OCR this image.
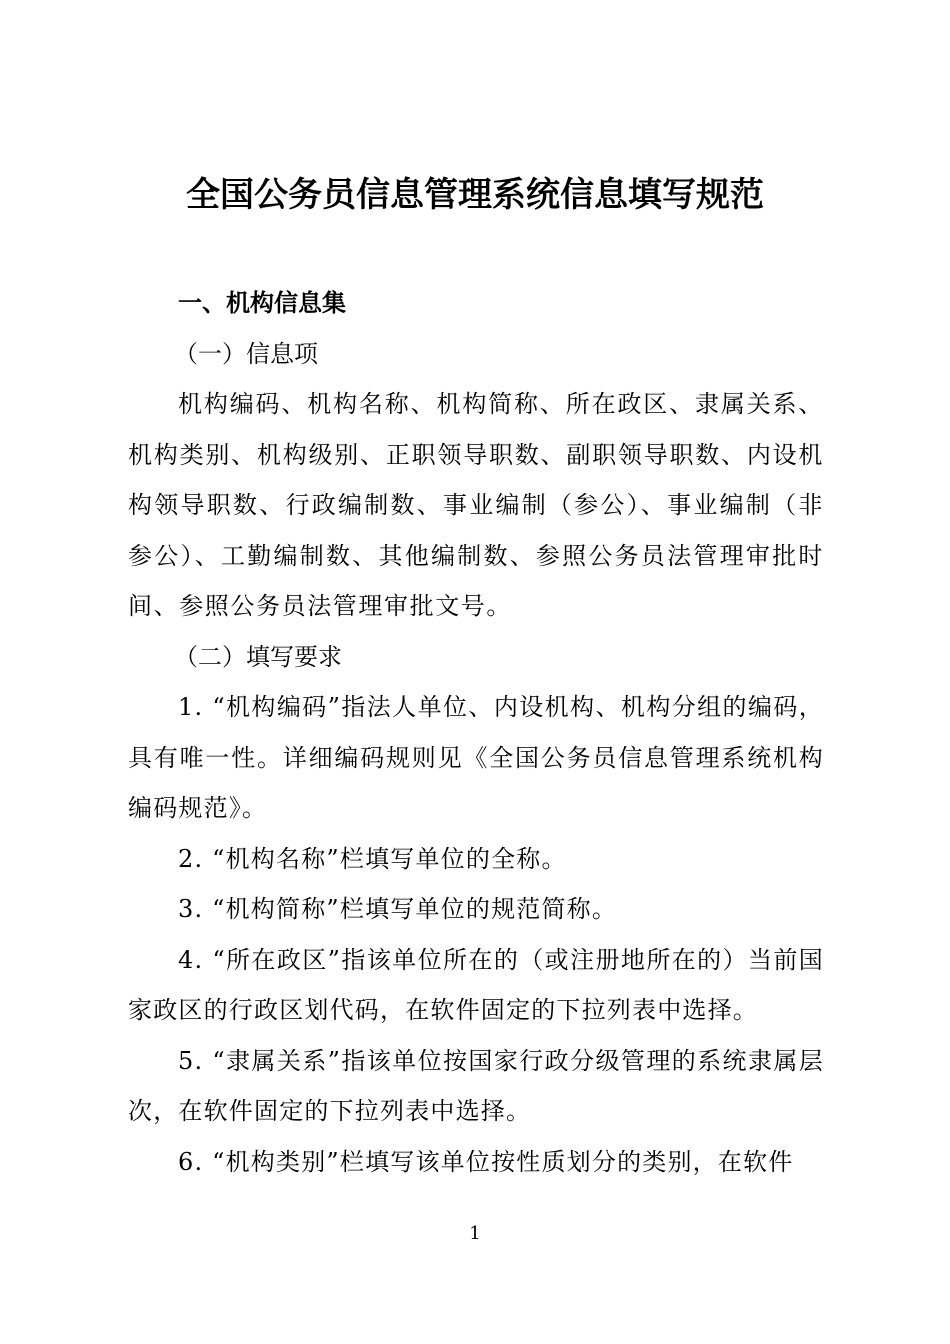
全国公务员信息管理系统信息填写规范

一、机构信息集

（一）信息项

机构编码、机构名称、机构简称、所在政区、隶属关系、机构类别、机构级别、正职领导职数、副职领导职数、内设机构领导职数、行政编制数、事业编制（参公）、事业编制（非参公）、工勤编制数、其他编制数、参照公务员法管理审批时间、参照公务员法管理审批文号。

（二）填写要求

1. “机构编码”指法人单位、内设机构、机构分组的编码，具有唯一性。详细编码规则见《全国公务员信息管理系统机构编码规范》。

2. “机构名称”栏填写单位的全称。

3. “机构简称”栏填写单位的规范简称。

4. “所在政区”指该单位所在的（或注册地所在的）当前国家政区的行政区划代码，在软件固定的下拉列表中选择。

5. “隶属关系”指该单位按国家行政分级管理的系统隶属层次，在软件固定的下拉列表中选择。

6. “机构类别”栏填写该单位按性质划分的类别，在软件

1
